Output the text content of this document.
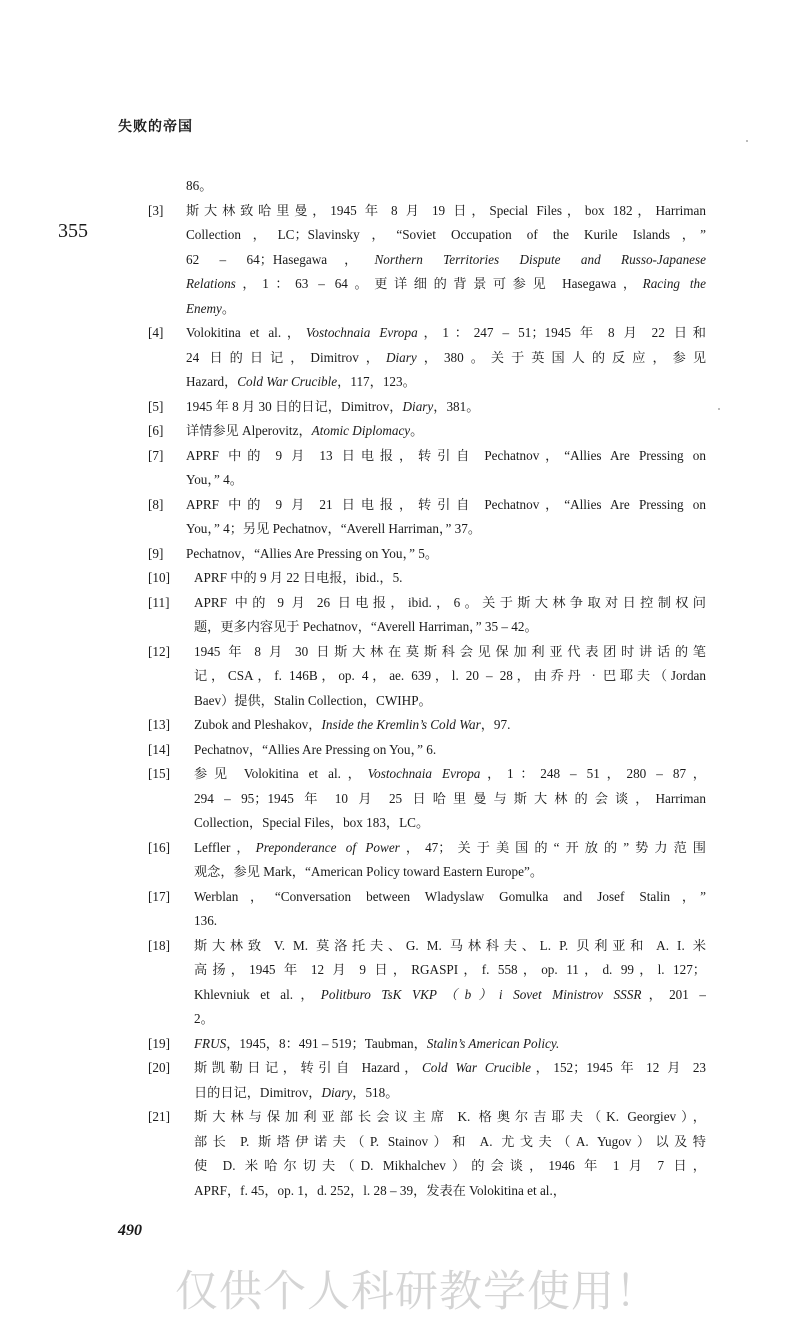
失败的帝国
355
86。
[3]	斯大林致哈里曼，1945 年 8 月 19 日，Special Files，box 182，Harriman
Collection，LC；Slavinsky，“Soviet Occupation of the Kurile Islands，”
62 – 64；Hasegawa，Northern Territories Dispute and Russo-Japanese
Relations，1：63 – 64。更详细的背景可参见 Hasegawa，Racing the
Enemy。
[4]	Volokitina et al.，Vostochnaia Evropa，1：247 – 51；1945 年 8 月 22 日和
24 日的日记，Dimitrov，Diary，380。关于英国人的反应，参见
Hazard，Cold War Crucible，117，123。
[5]	1945 年 8 月 30 日的日记，Dimitrov，Diary，381。
[6]	详情参见 Alperovitz，Atomic Diplomacy。
[7]	APRF 中的 9 月 13 日电报，转引自 Pechatnov，“Allies Are Pressing on
You，” 4。
[8]	APRF 中的 9 月 21 日电报，转引自 Pechatnov，“Allies Are Pressing on
You，” 4；另见 Pechatnov，“Averell Harriman，” 37。
[9]	Pechatnov，“Allies Are Pressing on You，” 5。
[10]	APRF 中的 9 月 22 日电报，ibid.，5.
[11]	APRF 中的 9 月 26 日电报，ibid.，6。关于斯大林争取对日控制权问
题，更多内容见于 Pechatnov，“Averell Harriman，” 35 – 42。
[12]	1945 年 8 月 30 日斯大林在莫斯科会见保加利亚代表团时讲话的笔
记，CSA，f. 146B，op. 4，ae. 639，l. 20 – 28，由乔丹 · 巴耶夫（Jordan
Baev）提供，Stalin Collection，CWIHP。
[13]	Zubok and Pleshakov，Inside the Kremlin’s Cold War，97.
[14]	Pechatnov，“Allies Are Pressing on You，” 6.
[15]	参见 Volokitina et al.，Vostochnaia Evropa，1：248 – 51，280 – 87，
294 – 95；1945 年 10 月 25 日哈里曼与斯大林的会谈，Harriman
Collection，Special Files，box 183，LC。
[16]	Leffler，Preponderance of Power，47；关于美国的“开放的”势力范围
观念，参见 Mark，“American Policy toward Eastern Europe”。
[17]	Werblan，“Conversation between Wladyslaw Gomulka and Josef Stalin，”
136.
[18]	斯大林致 V. M. 莫洛托夫、G. M. 马林科夫、L. P. 贝利亚和 A. I. 米
高扬，1945 年 12 月 9 日，RGASPI，f. 558，op. 11，d. 99，l. 127；
Khlevniuk et al.，Politburo TsK VKP（b）i Sovet Ministrov SSSR，201 –
2。
[19]	FRUS，1945，8：491 – 519；Taubman，Stalin’s American Policy.
[20]	斯凯勒日记，转引自 Hazard，Cold War Crucible，152；1945 年 12 月 23
日的日记，Dimitrov，Diary，518。
[21]	斯大林与保加利亚部长会议主席 K. 格奥尔吉耶夫（K. Georgiev），
部长 P. 斯塔伊诺夫（P. Stainov）和 A. 尤戈夫（A. Yugov）以及特
使 D. 米哈尔切夫（D. Mikhalchev）的会谈，1946 年 1 月 7 日，
APRF，f. 45，op. 1，d. 252，l. 28 – 39，发表在 Volokitina et al.，
490
仅供个人科研教学使用！
